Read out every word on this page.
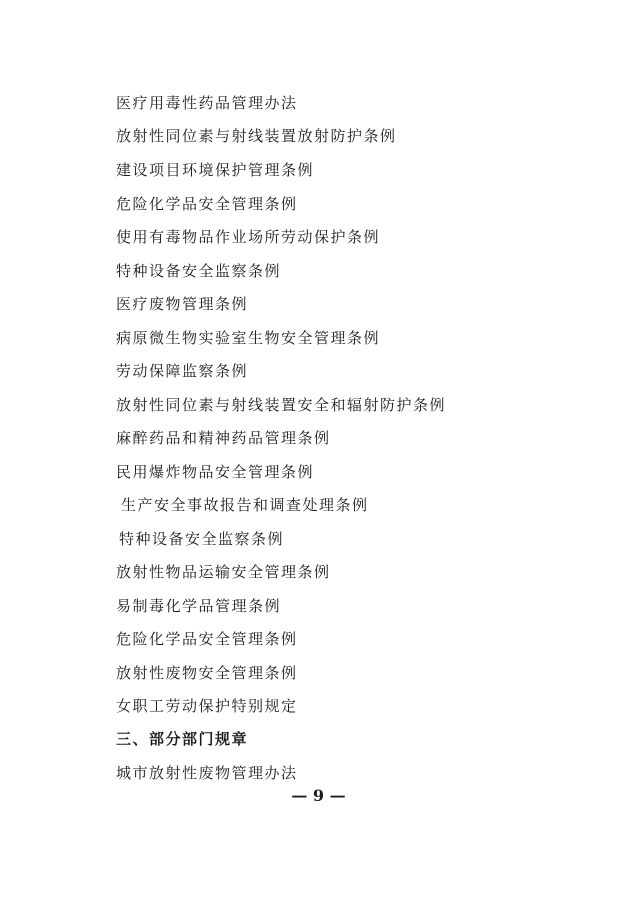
医疗用毒性药品管理办法
放射性同位素与射线装置放射防护条例
建设项目环境保护管理条例
危险化学品安全管理条例
使用有毒物品作业场所劳动保护条例
特种设备安全监察条例
医疗废物管理条例
病原微生物实验室生物安全管理条例
劳动保障监察条例
放射性同位素与射线装置安全和辐射防护条例
麻醉药品和精神药品管理条例
民用爆炸物品安全管理条例
生产安全事故报告和调查处理条例
特种设备安全监察条例
放射性物品运输安全管理条例
易制毒化学品管理条例
危险化学品安全管理条例
放射性废物安全管理条例
女职工劳动保护特别规定
三、部分部门规章
城市放射性废物管理办法
— 9 —
